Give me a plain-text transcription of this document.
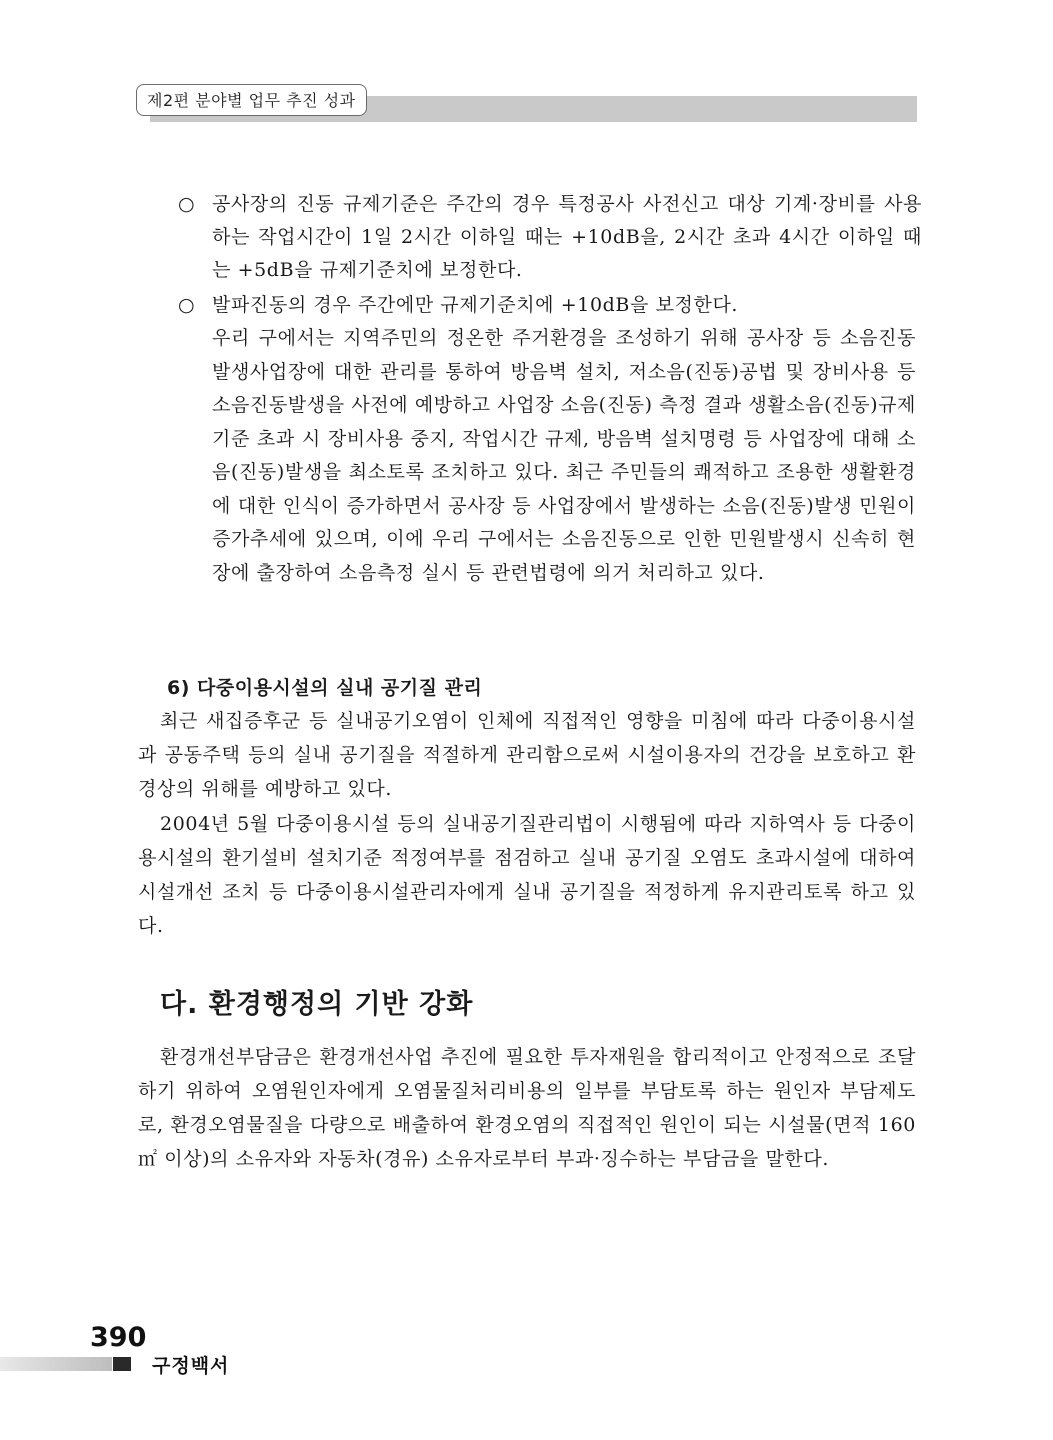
제2편 분야별 업무 추진 성과
○ 공사장의 진동 규제기준은 주간의 경우 특정공사 사전신고 대상 기계·장비를 사용하는 작업시간이 1일 2시간 이하일 때는 +10dB을, 2시간 초과 4시간 이하일 때는 +5dB을 규제기준치에 보정한다.
○ 발파진동의 경우 주간에만 규제기준치에 +10dB을 보정한다.
우리 구에서는 지역주민의 정온한 주거환경을 조성하기 위해 공사장 등 소음진동발생사업장에 대한 관리를 통하여 방음벽 설치, 저소음(진동)공법 및 장비사용 등 소음진동발생을 사전에 예방하고 사업장 소음(진동) 측정 결과 생활소음(진동)규제기준 초과 시 장비사용 중지, 작업시간 규제, 방음벽 설치명령 등 사업장에 대해 소음(진동)발생을 최소토록 조치하고 있다. 최근 주민들의 쾌적하고 조용한 생활환경에 대한 인식이 증가하면서 공사장 등 사업장에서 발생하는 소음(진동)발생 민원이 증가추세에 있으며, 이에 우리 구에서는 소음진동으로 인한 민원발생시 신속히 현장에 출장하여 소음측정 실시 등 관련법령에 의거 처리하고 있다.
6) 다중이용시설의 실내 공기질 관리
최근 새집증후군 등 실내공기오염이 인체에 직접적인 영향을 미침에 따라 다중이용시설과 공동주택 등의 실내 공기질을 적절하게 관리함으로써 시설이용자의 건강을 보호하고 환경상의 위해를 예방하고 있다.
2004년 5월 다중이용시설 등의 실내공기질관리법이 시행됨에 따라 지하역사 등 다중이용시설의 환기설비 설치기준 적정여부를 점검하고 실내 공기질 오염도 초과시설에 대하여 시설개선 조치 등 다중이용시설관리자에게 실내 공기질을 적정하게 유지관리토록 하고 있다.
다. 환경행정의 기반 강화
환경개선부담금은 환경개선사업 추진에 필요한 투자재원을 합리적이고 안정적으로 조달하기 위하여 오염원인자에게 오염물질처리비용의 일부를 부담토록 하는 원인자 부담제도로, 환경오염물질을 다량으로 배출하여 환경오염의 직접적인 원인이 되는 시설물(면적 160㎡ 이상)의 소유자와 자동차(경유) 소유자로부터 부과·징수하는 부담금을 말한다.
390
구정백서
